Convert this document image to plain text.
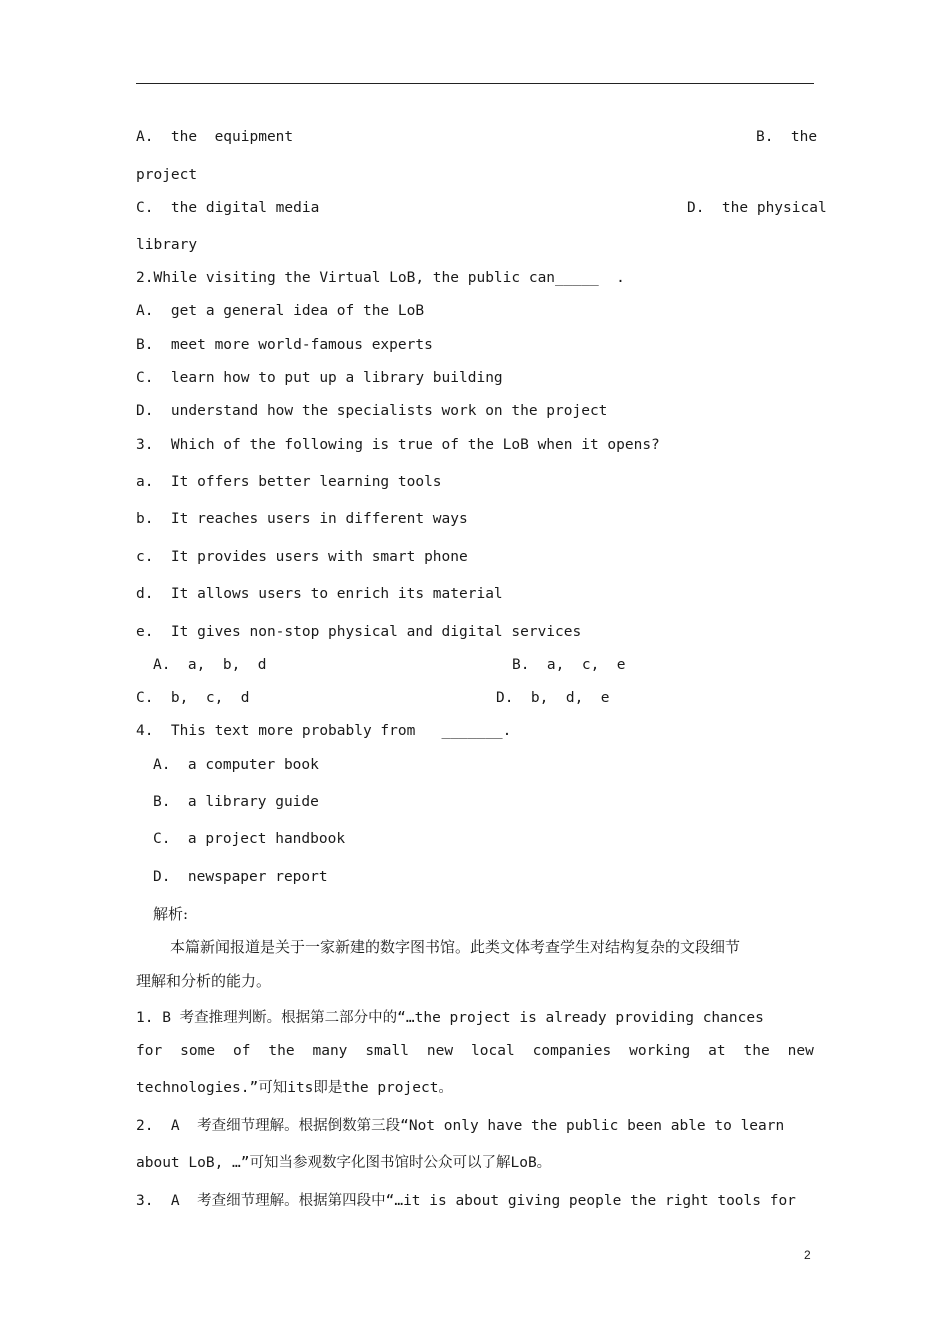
A.  the  equipment	B.  the
project
C.  the digital media	D.  the physical
library
2.While visiting the Virtual LoB, the public can_____  .
A.  get a general idea of the LoB
B.  meet more world-famous experts
C.  learn how to put up a library building
D.  understand how the specialists work on the project
3.  Which of the following is true of the LoB when it opens?
a.  It offers better learning tools
b.  It reaches users in different ways
c.  It provides users with smart phone
d.  It allows users to enrich its material
e.  It gives non-stop physical and digital services
A.  a,  b,  d	B.  a,  c,  e
C.  b,  c,  d	D.  b,  d,  e
4.  This text more probably from   _______.
A.  a computer book
B.  a library guide
C.  a project handbook
D.  newspaper report
解析:
本篇新闻报道是关于一家新建的数字图书馆。此类文体考查学生对结构复杂的文段细节
理解和分析的能力。
1. B 考查推理判断。根据第二部分中的“…the project is already providing chances
for some of the many small new local companies working at the new
technologies.”可知its即是the project。
2.  A  考查细节理解。根据倒数第三段“Not only have the public been able to learn
about LoB, …”可知当参观数字化图书馆时公众可以了解LoB。
3.  A  考查细节理解。根据第四段中“…it is about giving people the right tools for
2
